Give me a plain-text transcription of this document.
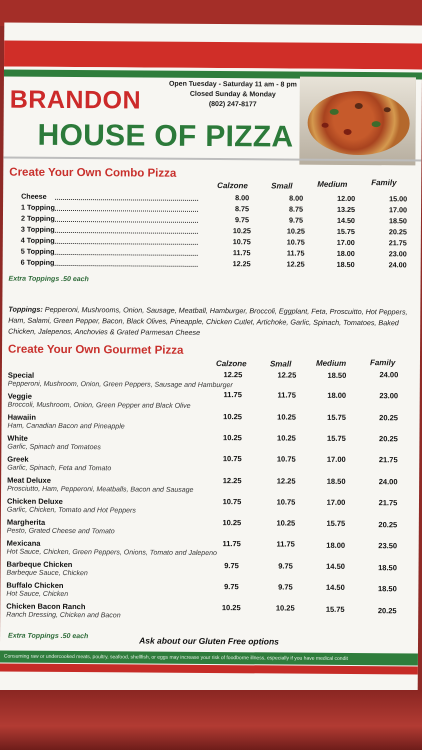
BRANDON
HOUSE OF PIZZA
Open Tuesday - Saturday 11 am - 8 pm
Closed Sunday & Monday
(802) 247-8177
Create Your Own Combo Pizza
Calzone	Small	Medium	Family
Cheese	8.00	8.00	12.00	15.00
1 Topping	8.75	8.75	13.25	17.00
2 Topping	9.75	9.75	14.50	18.50
3 Topping	10.25	10.25	15.75	20.25
4 Topping	10.75	10.75	17.00	21.75
5 Topping	11.75	11.75	18.00	23.00
6 Topping	12.25	12.25	18.50	24.00
Extra Toppings .50 each
Toppings: Pepperoni, Mushrooms, Onion, Sausage, Meatball, Hamburger, Broccoli, Eggplant, Feta, Proscuitto, Hot Peppers, Ham, Salami, Green Pepper, Bacon, Black Olives, Pineapple, Chicken Cutlet, Artichoke, Garlic, Spinach, Tomatoes, Baked Chicken, Jalepenos, Anchovies & Grated Parmesan Cheese
Create Your Own Gourmet Pizza
Calzone	Small	Medium	Family
Special
Pepperoni, Mushroom, Onion, Green Peppers, Sausage and Hamburger
12.25	12.25	18.50	24.00
Veggie
Broccoli, Mushroom, Onion, Green Pepper and Black Olive
11.75	11.75	18.00	23.00
Hawaiin
Ham, Canadian Bacon and Pineapple
10.25	10.25	15.75	20.25
White
Garlic, Spinach and Tomatoes
10.25	10.25	15.75	20.25
Greek
Garlic, Spinach, Feta and Tomato
10.75	10.75	17.00	21.75
Meat Deluxe
Prosciutto, Ham, Pepperoni, Meatballs, Bacon and Sausage
12.25	12.25	18.50	24.00
Chicken Deluxe
Garlic, Chicken, Tomato and Hot Peppers
10.75	10.75	17.00	21.75
Margherita
Pesto, Grated Cheese and Tomato
10.25	10.25	15.75	20.25
Mexicana
Hot Sauce, Chicken, Green Peppers, Onions, Tomato and Jalepeno
11.75	11.75	18.00	23.50
Barbeque Chicken
Barbeque Sauce, Chicken
9.75	9.75	14.50	18.50
Buffalo Chicken
Hot Sauce, Chicken
9.75	9.75	14.50	18.50
Chicken Bacon Ranch
Ranch Dressing, Chicken and Bacon
10.25	10.25	15.75	20.25
Extra Toppings .50 each	Ask about our Gluten Free options
Consuming raw or undercooked meats, poultry, seafood, shellfish, or eggs may increase your risk of foodborne illness, especially if you have medical condit
